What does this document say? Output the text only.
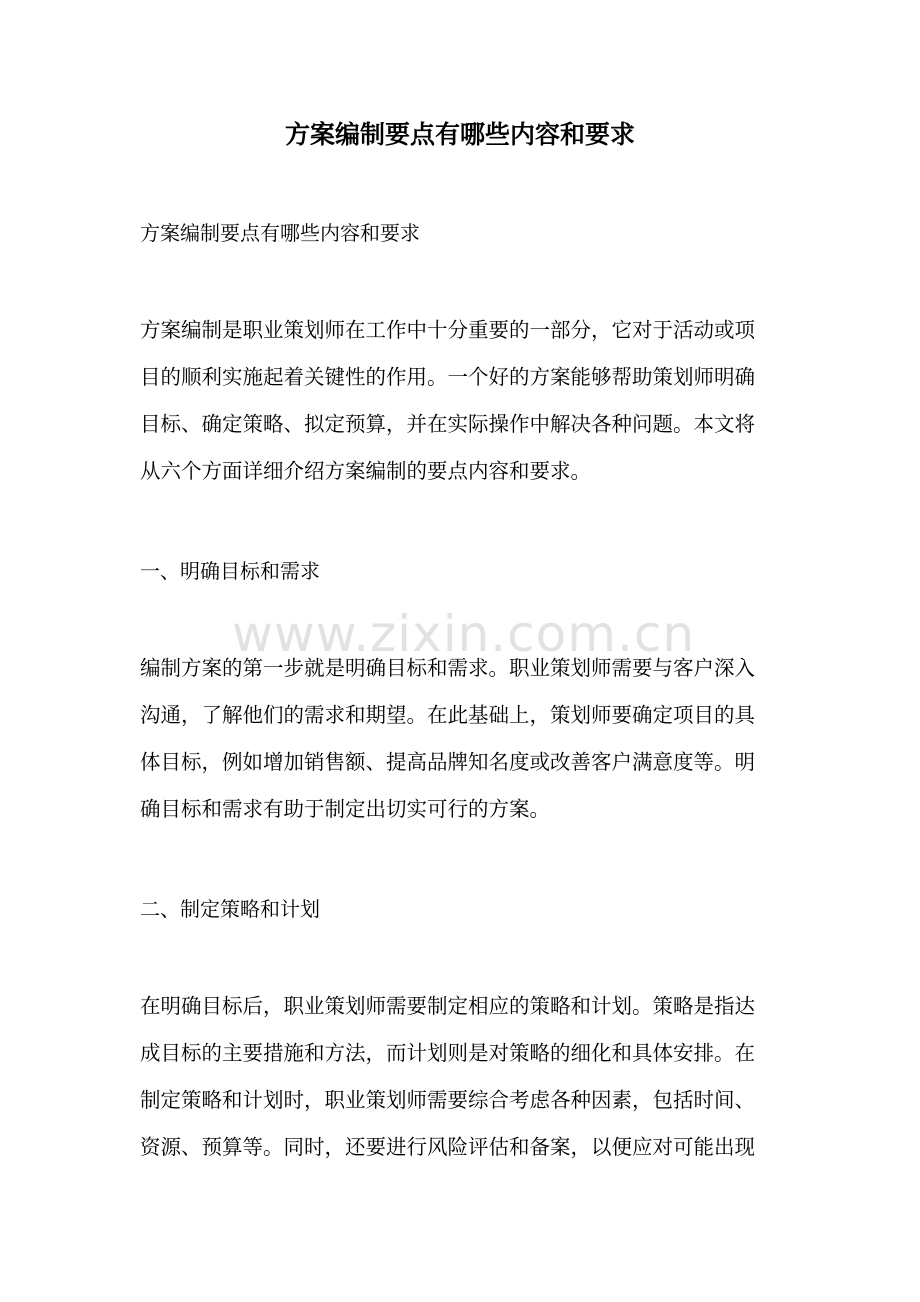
方案编制要点有哪些内容和要求
方案编制要点有哪些内容和要求
方案编制是职业策划师在工作中十分重要的一部分，它对于活动或项
目的顺利实施起着关键性的作用。一个好的方案能够帮助策划师明确
目标、确定策略、拟定预算，并在实际操作中解决各种问题。本文将
从六个方面详细介绍方案编制的要点内容和要求。
一、明确目标和需求
编制方案的第一步就是明确目标和需求。职业策划师需要与客户深入
沟通，了解他们的需求和期望。在此基础上，策划师要确定项目的具
体目标，例如增加销售额、提高品牌知名度或改善客户满意度等。明
确目标和需求有助于制定出切实可行的方案。
二、制定策略和计划
在明确目标后，职业策划师需要制定相应的策略和计划。策略是指达
成目标的主要措施和方法，而计划则是对策略的细化和具体安排。在
制定策略和计划时，职业策划师需要综合考虑各种因素，包括时间、
资源、预算等。同时，还要进行风险评估和备案，以便应对可能出现
www.zixin.com.cn
